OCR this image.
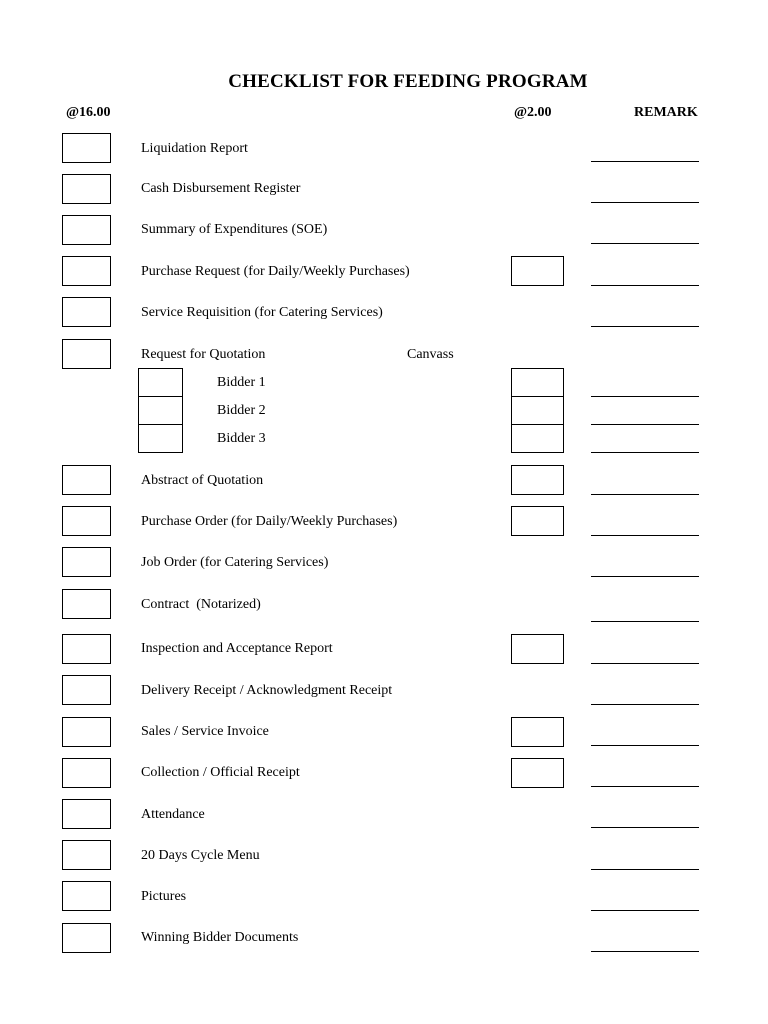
CHECKLIST FOR FEEDING PROGRAM
@16.00	@2.00	REMARK
Liquidation Report
Cash Disbursement Register
Summary of Expenditures (SOE)
Purchase Request (for Daily/Weekly Purchases)
Service Requisition (for Catering Services)
Request for Quotation	Canvass
Bidder 1
Bidder 2
Bidder 3
Abstract of Quotation
Purchase Order (for Daily/Weekly Purchases)
Job Order (for Catering Services)
Contract  (Notarized)
Inspection and Acceptance Report
Delivery Receipt / Acknowledgment Receipt
Sales / Service Invoice
Collection / Official Receipt
Attendance
20 Days Cycle Menu
Pictures
Winning Bidder Documents
